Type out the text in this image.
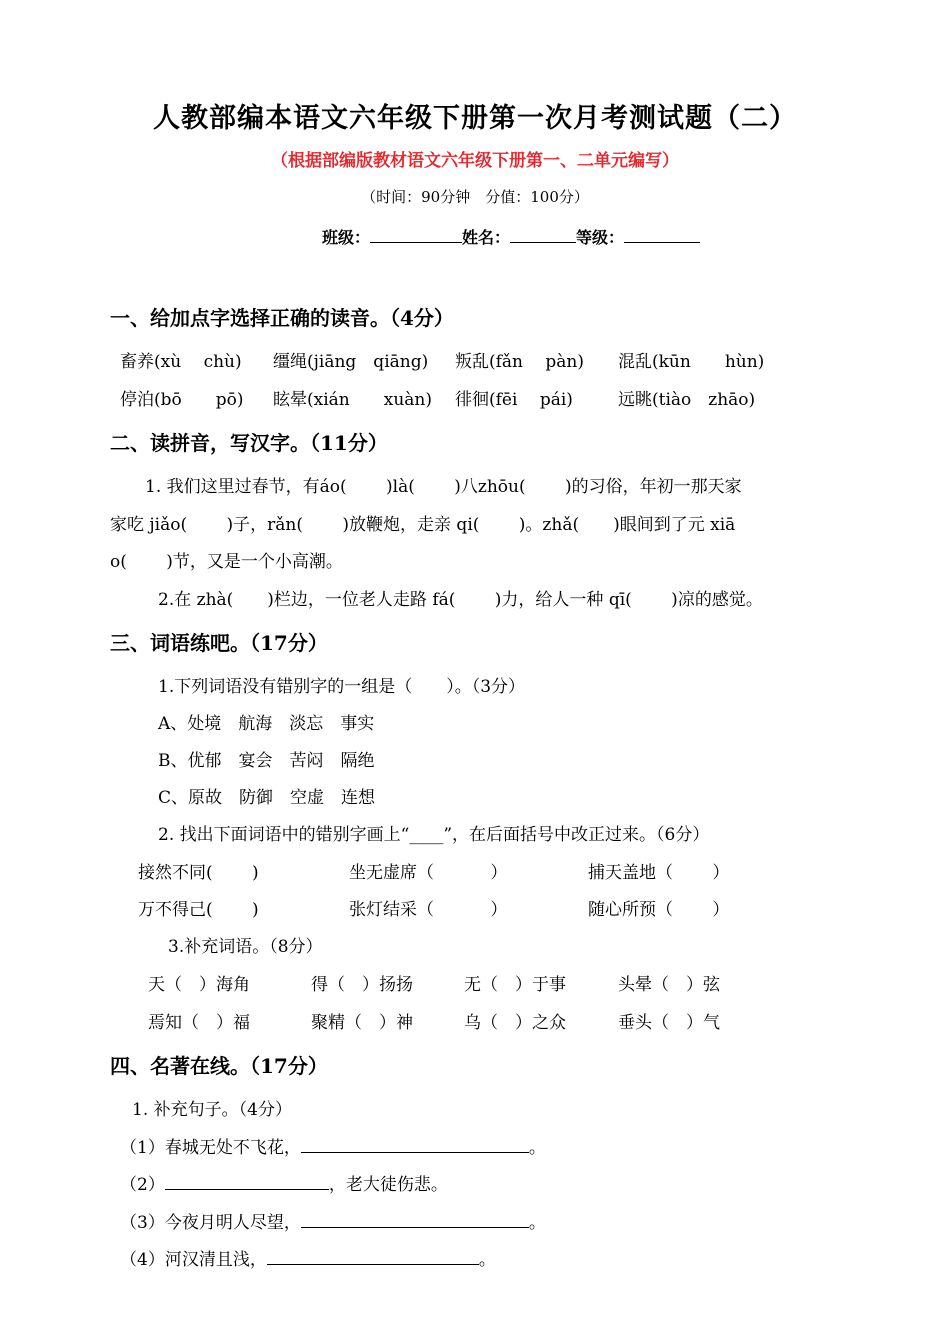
人教部编本语文六年级下册第一次月考测试题（二）
（根据部编版教材语文六年级下册第一、二单元编写）
（时间：90分钟　分值：100分）
班级：	姓名：	等级：
一、给加点字选择正确的读音。（4分）
畜养(xù　 chù) 缰绳(jiāng　qiāng) 叛乱(fǎn　 pàn) 混乱(kūn　　hùn)
停泊(bō　　pō) 眩晕(xián　　xuàn) 徘徊(fēi　 pái)	远眺(tiào　zhāo)
二、读拼音，写汉字。（11分）
1. 我们这里过春节，有áo(　　 )là(　　 )八zhōu(　　 )的习俗，年初一那天家
家吃 jiǎo(　　 )子，rǎn(　　 )放鞭炮，走亲 qi(　　 )。zhǎ(　　)眼间到了元 xiā
o(　　 )节，又是一个小高潮。
2.在 zhà(　　)栏边，一位老人走路 fá(　　 )力，给人一种 qī(　　 )凉的感觉。
三、词语练吧。（17分）
1.下列词语没有错别字的一组是（　　）。（3分）
A、处境　航海　淡忘　事实
B、优郁　宴会　苦闷　隔绝
C、原故　防御　空虚　连想
2. 找出下面词语中的错别字画上“____”，在后面括号中改正过来。（6分）
接然不同(　　 )	坐无虚席（　　　 ）	捕天盖地（　　 ）
万不得己(　　 )	张灯结采（　　　 ）	随心所预（　　 ）
3.补充词语。（8分）
天（　）海角	得（　）扬扬	无（　）于事	头晕（　）弦
焉知（　）福	聚精（　）神	乌（　）之众	垂头（　）气
四、名著在线。（17分）
1. 补充句子。（4分）
（1）春城无处不飞花，	。
（2）	，老大徒伤悲。
（3）今夜月明人尽望，	。
（4）河汉清且浅，	。
